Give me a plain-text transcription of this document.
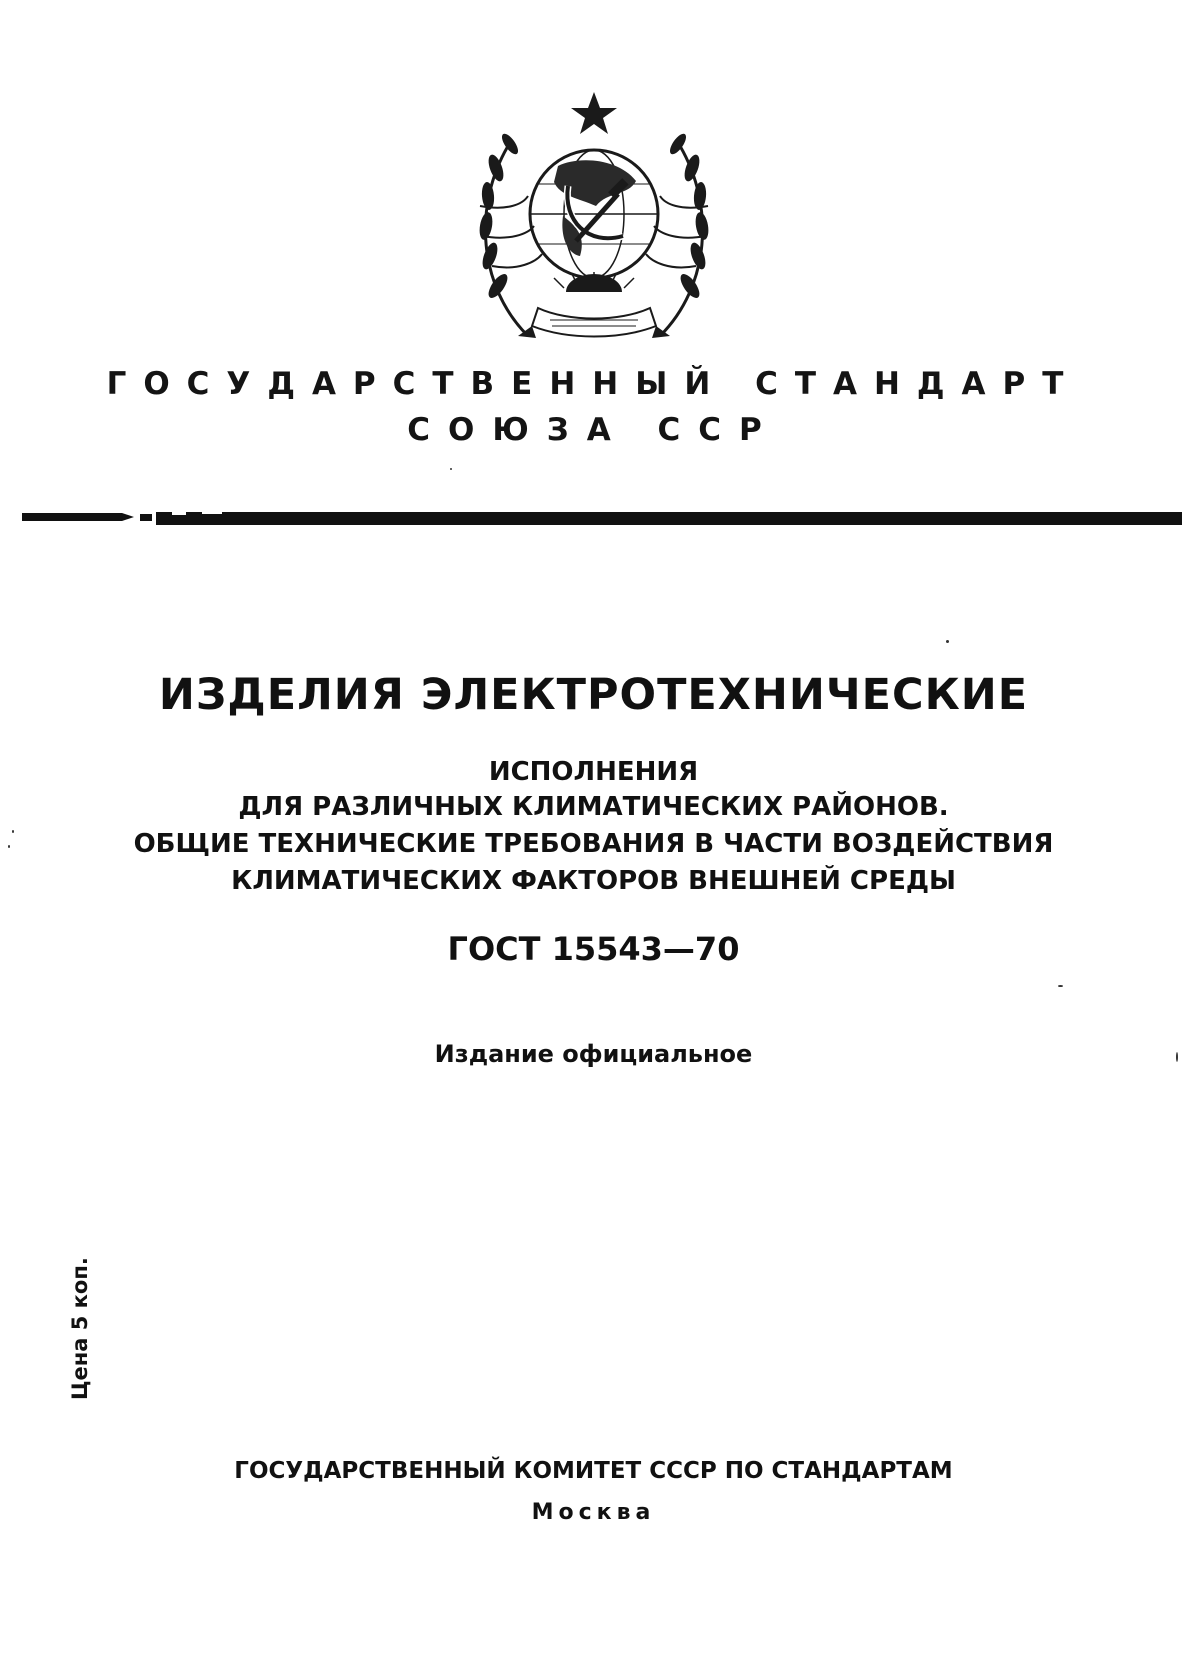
ГОСУДАРСТВЕННЫЙ СТАНДАРТ
СОЮЗА ССР
ИЗДЕЛИЯ ЭЛЕКТРОТЕХНИЧЕСКИЕ
ИСПОЛНЕНИЯ
ДЛЯ РАЗЛИЧНЫХ КЛИМАТИЧЕСКИХ РАЙОНОВ.
ОБЩИЕ ТЕХНИЧЕСКИЕ ТРЕБОВАНИЯ В ЧАСТИ ВОЗДЕЙСТВИЯ
КЛИМАТИЧЕСКИХ ФАКТОРОВ ВНЕШНЕЙ СРЕДЫ
ГОСТ 15543—70
Издание официальное
Цена 5 коп.
ГОСУДАРСТВЕННЫЙ КОМИТЕТ СССР ПО СТАНДАРТАМ
Москва
